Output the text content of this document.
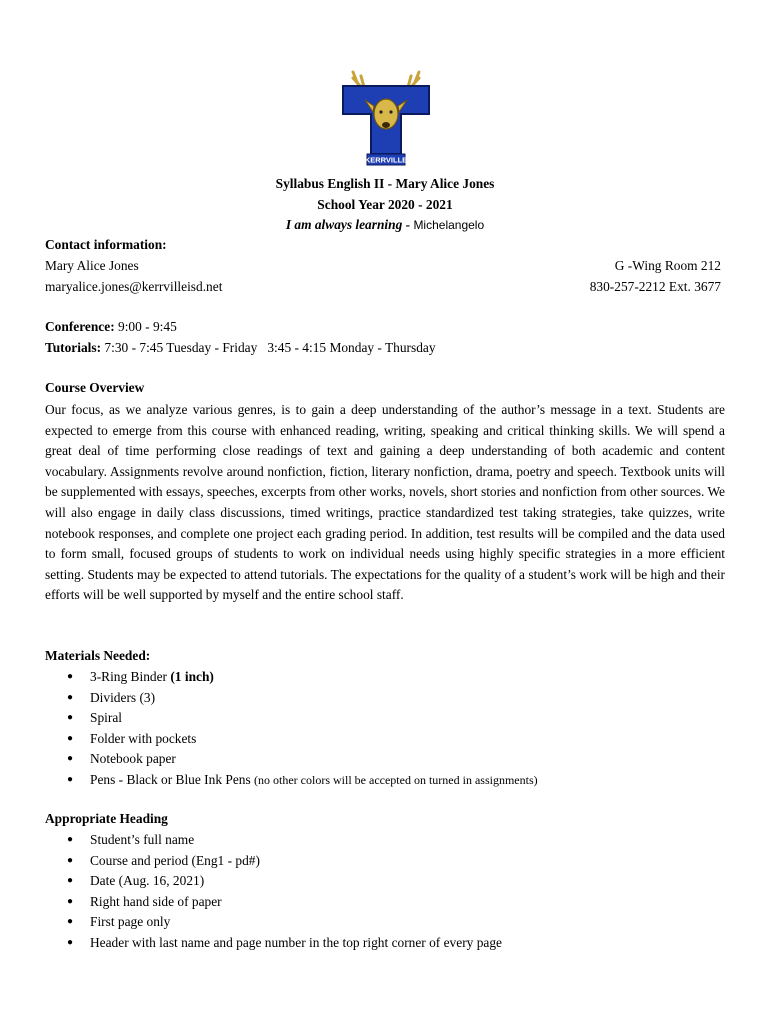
KERRVILLE
Syllabus English II - Mary Alice Jones
School Year 2020 - 2021
I am always learning - Michelangelo
Contact information:
Mary Alice Jones
maryalice.jones@kerrvilleisd.net
G -Wing Room 212
830-257-2212 Ext. 3677
Conference: 9:00 - 9:45
Tutorials: 7:30 - 7:45 Tuesday - Friday   3:45 - 4:15 Monday - Thursday
Course Overview

Our focus, as we analyze various genres, is to gain a deep understanding of the author’s message in a text. Students are expected to emerge from this course with enhanced reading, writing, speaking and critical thinking skills. We will spend a great deal of time performing close readings of text and gaining a deep understanding of both academic and content vocabulary. Assignments revolve around nonfiction, fiction, literary nonfiction, drama, poetry and speech. Textbook units will be supplemented with essays, speeches, excerpts from other works, novels, short stories and nonfiction from other sources. We will also engage in daily class discussions, timed writings, practice standardized test taking strategies, take quizzes, write notebook responses, and complete one project each grading period. In addition, test results will be compiled and the data used to form small, focused groups of students to work on individual needs using highly specific strategies in a more efficient setting. Students may be expected to attend tutorials. The expectations for the quality of a student’s work will be high and their efforts will be well supported by myself and the entire school staff.

Materials Needed:
● 3-Ring Binder (1 inch)
● Dividers (3)
● Spiral
● Folder with pockets
● Notebook paper
● Pens - Black or Blue Ink Pens (no other colors will be accepted on turned in assignments)
Appropriate Heading
● Student’s full name
● Course and period (Eng1 - pd#)
● Date (Aug. 16, 2021)
● Right hand side of paper
● First page only
● Header with last name and page number in the top right corner of every page
